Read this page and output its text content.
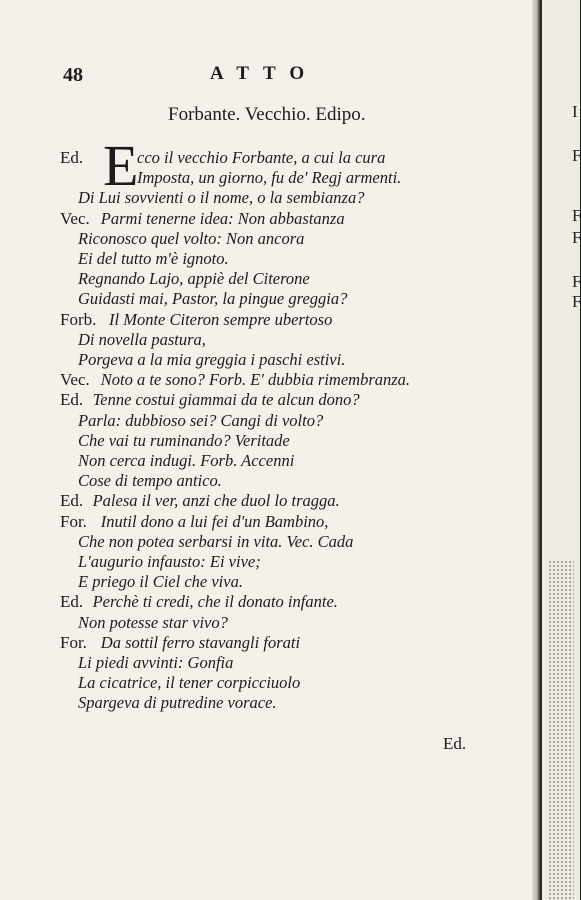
48	ATTO
Forbante. Vecchio. Edipo.
E
Ed.	cco il vecchio Forbante, a cui la cura
Imposta, un giorno, fu de' Regj armenti.
Di Lui sovvienti o il nome, o la sembianza?
Vec. Parmi tenerne idea: Non abbastanza
Riconosco quel volto: Non ancora
Ei del tutto m'è ignoto.
Regnando Lajo, appiè del Citerone
Guidasti mai, Pastor, la pingue greggia?
Forb. Il Monte Citeron sempre ubertoso
Di novella pastura,
Porgeva a la mia greggia i paschi estivi.
Vec. Noto a te sono? Forb. E' dubbia rimembranza.
Ed. Tenne costui giammai da te alcun dono?
Parla: dubbioso sei? Cangi di volto?
Che vai tu ruminando? Veritade
Non cerca indugi. Forb. Accenni
Cose di tempo antico.
Ed. Palesa il ver, anzi che duol lo tragga.
For. Inutil dono a lui fei d'un Bambino,
Che non potea serbarsi in vita. Vec. Cada
L'augurio infausto: Ei vive;
E priego il Ciel che viva.
Ed. Perchè ti credi, che il donato infante.
Non potesse star vivo?
For. Da sottil ferro stavangli forati
Li piedi avvinti: Gonfia
La cicatrice, il tener corpicciuolo
Spargeva di putredine vorace.
Ed.
I
F
F
F
F
F
